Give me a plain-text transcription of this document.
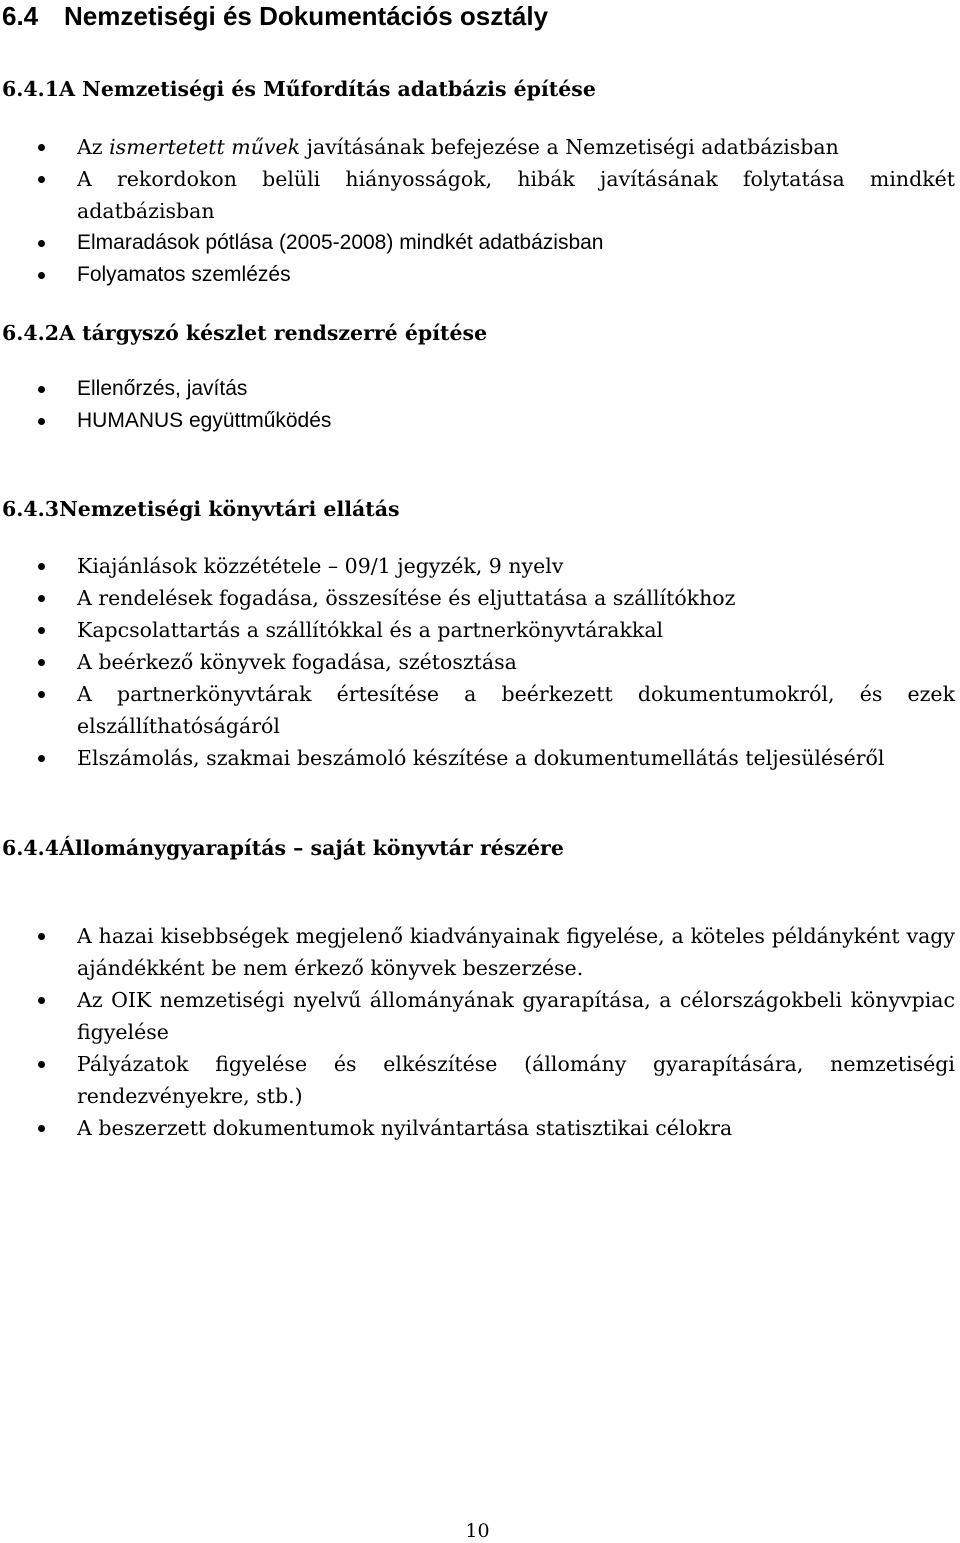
6.4 Nemzetiségi és Dokumentációs osztály
6.4.1A Nemzetiségi és Műfordítás adatbázis építése
Az ismertetett művek javításának befejezése a Nemzetiségi adatbázisban
A rekordokon belüli hiányosságok, hibák javításának folytatása mindkét adatbázisban
Elmaradások pótlása (2005-2008) mindkét adatbázisban
Folyamatos szemlézés
6.4.2A tárgyszó készlet rendszerré építése
Ellenőrzés, javítás
HUMANUS együttműködés
6.4.3Nemzetiségi könyvtári ellátás
Kiajánlások közzététele – 09/1 jegyzék, 9 nyelv
A rendelések fogadása, összesítése és eljuttatása a szállítókhoz
Kapcsolattartás a szállítókkal és a partnerkönyvtárakkal
A beérkező könyvek fogadása, szétosztása
A partnerkönyvtárak értesítése a beérkezett dokumentumokról, és ezek elszállíthatóságáról
Elszámolás, szakmai beszámoló készítése a dokumentumellátás teljesüléséről
6.4.4Állománygyarapítás – saját könyvtár részére
A hazai kisebbségek megjelenő kiadványainak figyelése, a köteles példányként vagy ajándékként be nem érkező könyvek beszerzése.
Az OIK nemzetiségi nyelvű állományának gyarapítása, a célországokbeli könyvpiac figyelése
Pályázatok figyelése és elkészítése (állomány gyarapítására, nemzetiségi rendezvényekre, stb.)
A beszerzett dokumentumok nyilvántartása statisztikai célokra
10
